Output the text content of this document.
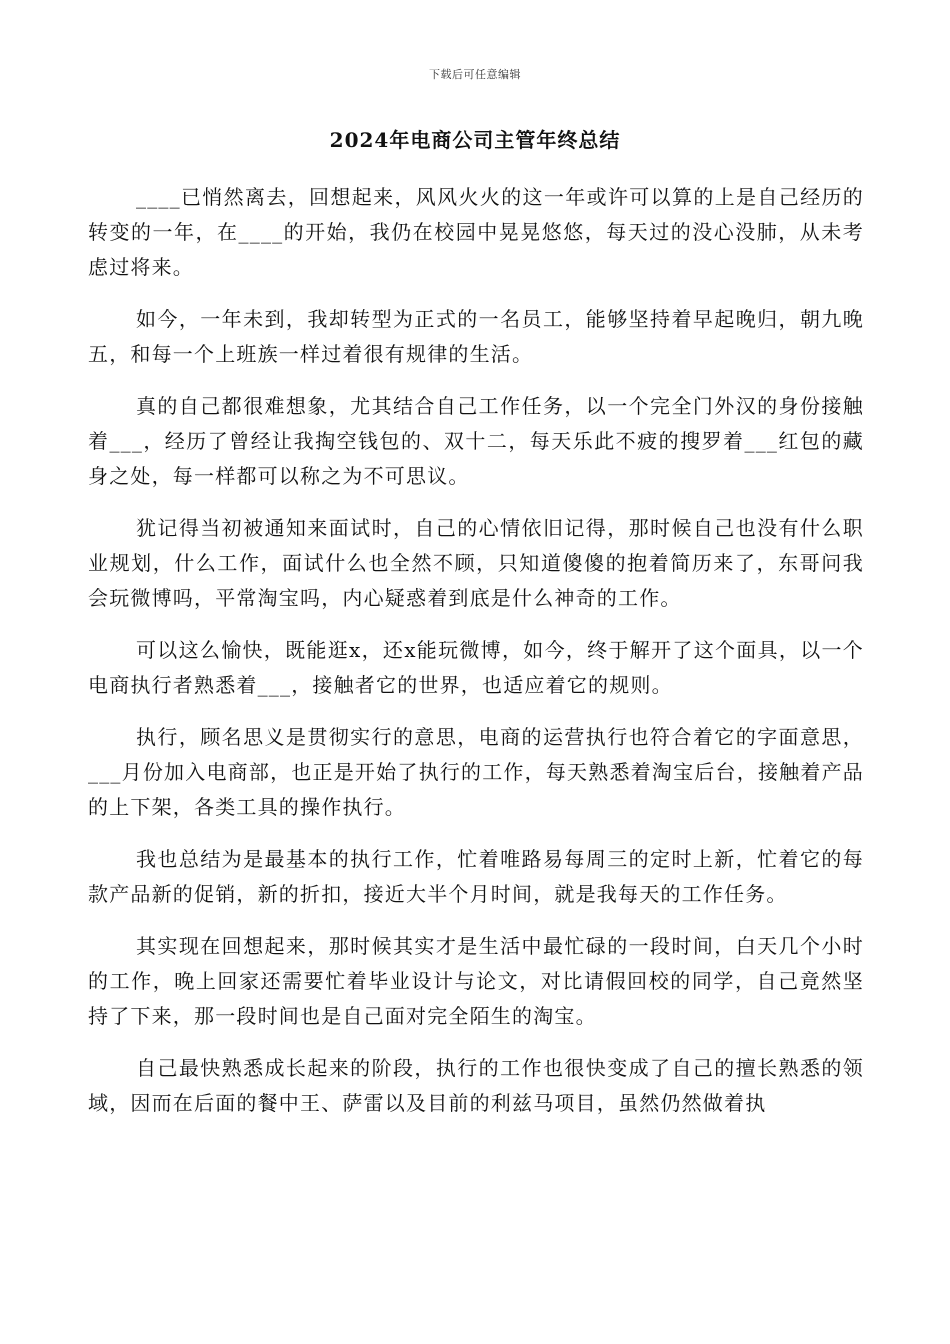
下载后可任意编辑
2024年电商公司主管年终总结

____已悄然离去，回想起来，风风火火的这一年或许可以算的上是自己经历的转变的一年，在____的开始，我仍在校园中晃晃悠悠，每天过的没心没肺，从未考虑过将来。

如今，一年未到，我却转型为正式的一名员工，能够坚持着早起晚归，朝九晚五，和每一个上班族一样过着很有规律的生活。

真的自己都很难想象，尤其结合自己工作任务，以一个完全门外汉的身份接触着___，经历了曾经让我掏空钱包的、双十二，每天乐此不疲的搜罗着___红包的藏身之处，每一样都可以称之为不可思议。

犹记得当初被通知来面试时，自己的心情依旧记得，那时候自己也没有什么职业规划，什么工作，面试什么也全然不顾，只知道傻傻的抱着简历来了，东哥问我会玩微博吗，平常淘宝吗，内心疑惑着到底是什么神奇的工作。

可以这么愉快，既能逛x，还x能玩微博，如今，终于解开了这个面具，以一个电商执行者熟悉着___，接触者它的世界，也适应着它的规则。

执行，顾名思义是贯彻实行的意思，电商的运营执行也符合着它的字面意思，___月份加入电商部，也正是开始了执行的工作，每天熟悉着淘宝后台，接触着产品的上下架，各类工具的操作执行。

我也总结为是最基本的执行工作，忙着唯路易每周三的定时上新，忙着它的每款产品新的促销，新的折扣，接近大半个月时间，就是我每天的工作任务。

其实现在回想起来，那时候其实才是生活中最忙碌的一段时间，白天几个小时的工作，晚上回家还需要忙着毕业设计与论文，对比请假回校的同学，自己竟然坚持了下来，那一段时间也是自己面对完全陌生的淘宝。

自己最快熟悉成长起来的阶段，执行的工作也很快变成了自己的擅长熟悉的领域，因而在后面的餐中王、萨雷以及目前的利兹马项目，虽然仍然做着执
